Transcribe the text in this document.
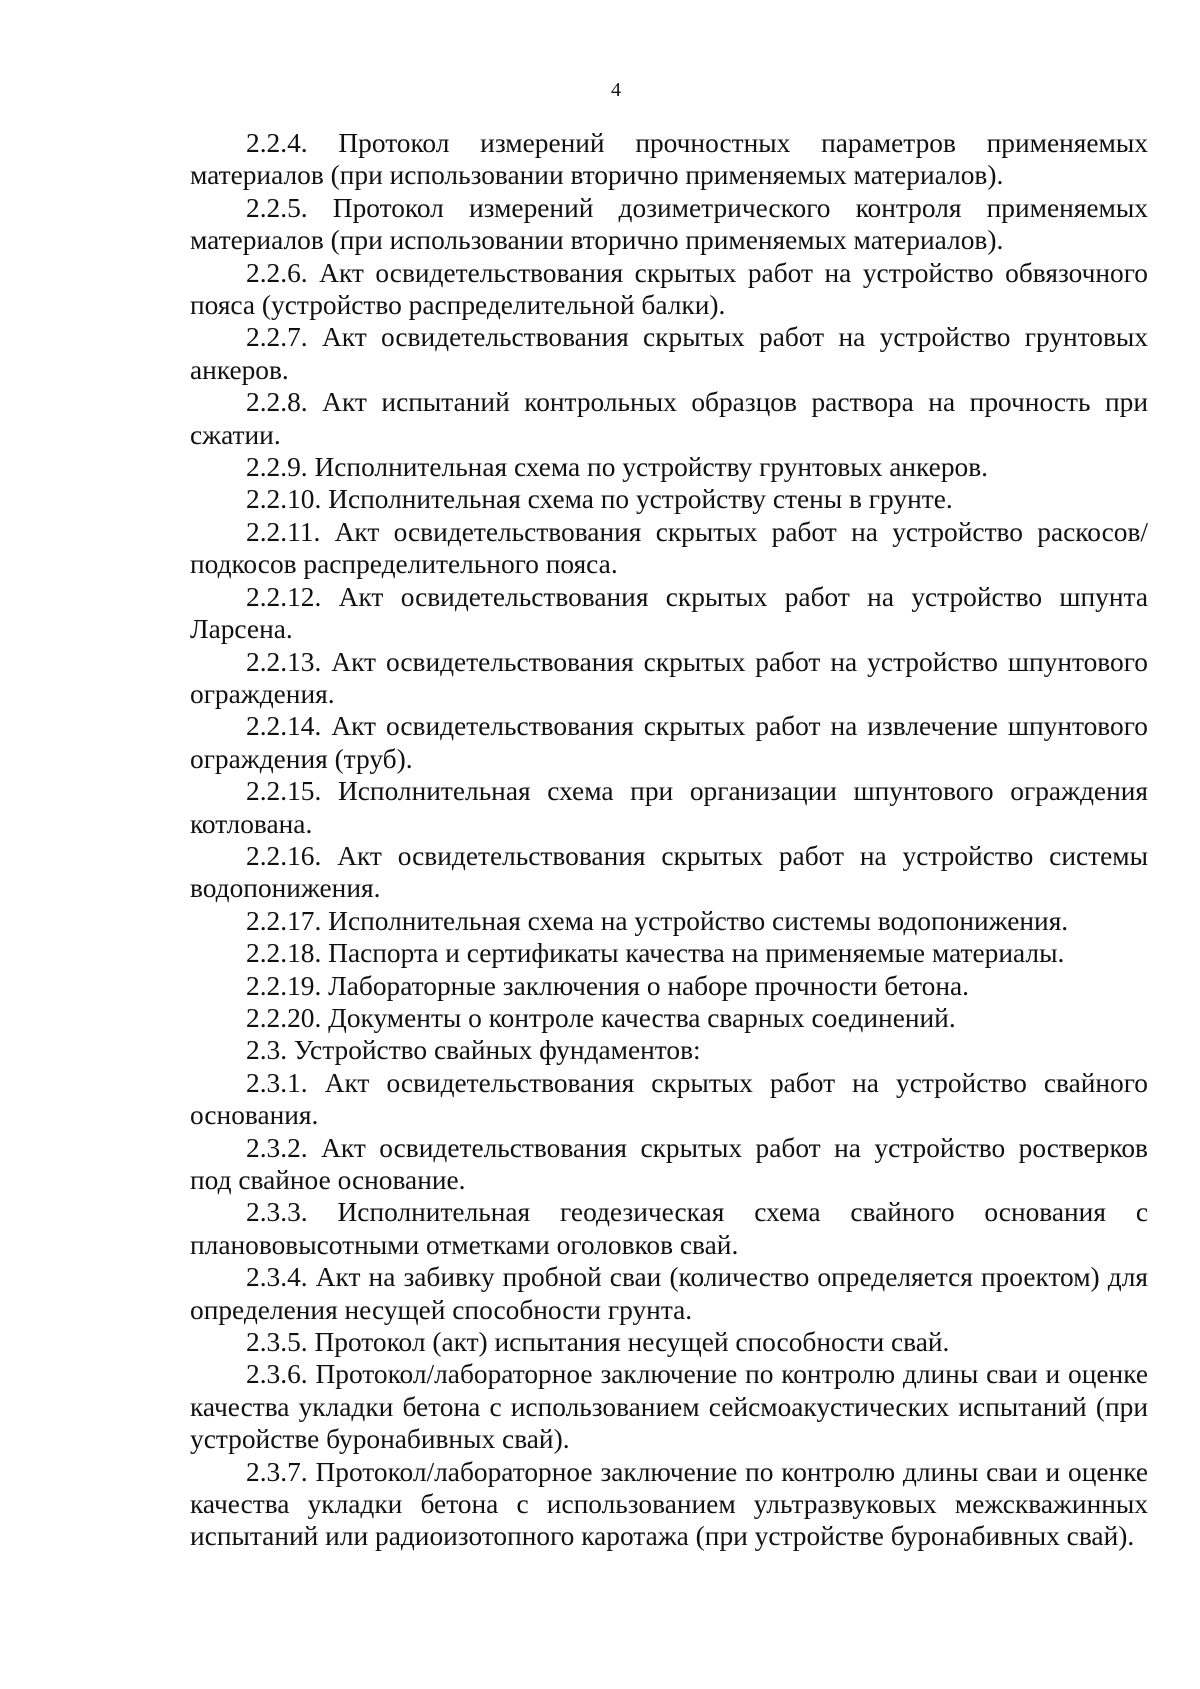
4

2.2.4. Протокол измерений прочностных параметров применяемых материалов (при использовании вторично применяемых материалов).

2.2.5. Протокол измерений дозиметрического контроля применяемых материалов (при использовании вторично применяемых материалов).

2.2.6. Акт освидетельствования скрытых работ на устройство обвязочного пояса (устройство распределительной балки).

2.2.7. Акт освидетельствования скрытых работ на устройство грунтовых анкеров.

2.2.8. Акт испытаний контрольных образцов раствора на прочность при сжатии.

2.2.9. Исполнительная схема по устройству грунтовых анкеров.

2.2.10. Исполнительная схема по устройству стены в грунте.

2.2.11. Акт освидетельствования скрытых работ на устройство раскосов/подкосов распределительного пояса.

2.2.12. Акт освидетельствования скрытых работ на устройство шпунта Ларсена.

2.2.13. Акт освидетельствования скрытых работ на устройство шпунтового ограждения.

2.2.14. Акт освидетельствования скрытых работ на извлечение шпунтового ограждения (труб).

2.2.15. Исполнительная схема при организации шпунтового ограждения котлована.

2.2.16. Акт освидетельствования скрытых работ на устройство системы водопонижения.

2.2.17. Исполнительная схема на устройство системы водопонижения.

2.2.18. Паспорта и сертификаты качества на применяемые материалы.

2.2.19. Лабораторные заключения о наборе прочности бетона.

2.2.20. Документы о контроле качества сварных соединений.

2.3. Устройство свайных фундаментов:

2.3.1. Акт освидетельствования скрытых работ на устройство свайного основания.

2.3.2. Акт освидетельствования скрытых работ на устройство ростверков под свайное основание.

2.3.3. Исполнительная геодезическая схема свайного основания с планововысотными отметками оголовков свай.

2.3.4. Акт на забивку пробной сваи (количество определяется проектом) для определения несущей способности грунта.

2.3.5. Протокол (акт) испытания несущей способности свай.

2.3.6. Протокол/лабораторное заключение по контролю длины сваи и оценке качества укладки бетона с использованием сейсмоакустических испытаний (при устройстве буронабивных свай).

2.3.7. Протокол/лабораторное заключение по контролю длины сваи и оценке качества укладки бетона с использованием ультразвуковых межскважинных испытаний или радиоизотопного каротажа (при устройстве буронабивных свай).
